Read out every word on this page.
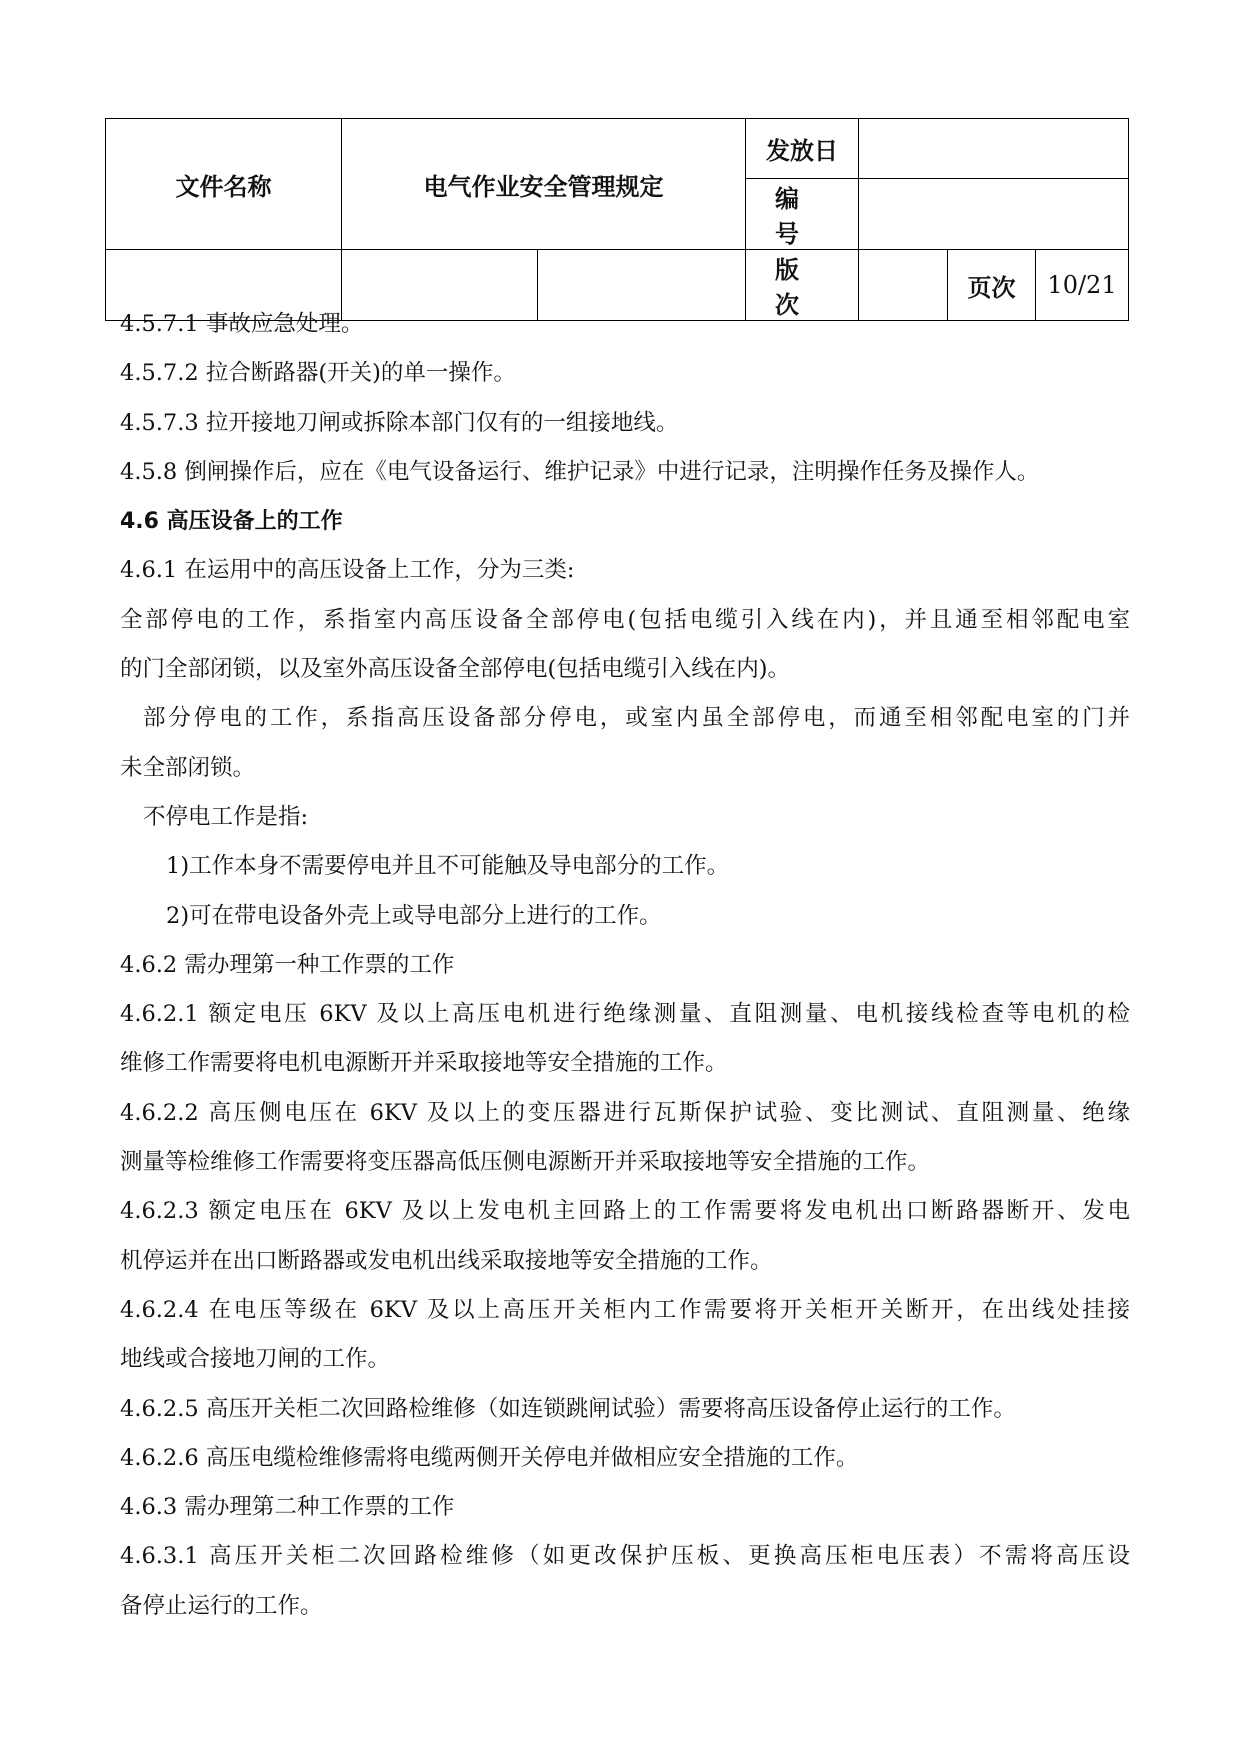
文件名称	电气作业安全管理规定		发放日			
			编 号			
			版 次		页次	10/21
4.5.7.1 事故应急处理。
4.5.7.2 拉合断路器(开关)的单一操作。
4.5.7.3 拉开接地刀闸或拆除本部门仅有的一组接地线。
4.5.8 倒闸操作后，应在《电气设备运行、维护记录》中进行记录，注明操作任务及操作人。
4.6 高压设备上的工作
4.6.1 在运用中的高压设备上工作，分为三类:
全部停电的工作，系指室内高压设备全部停电(包括电缆引入线在内)，并且通至相邻配电室
的门全部闭锁，以及室外高压设备全部停电(包括电缆引入线在内)。
部分停电的工作，系指高压设备部分停电，或室内虽全部停电，而通至相邻配电室的门并
未全部闭锁。
不停电工作是指:
1)工作本身不需要停电并且不可能触及导电部分的工作。
2)可在带电设备外壳上或导电部分上进行的工作。
4.6.2 需办理第一种工作票的工作
4.6.2.1 额定电压 6KV 及以上高压电机进行绝缘测量、直阻测量、电机接线检查等电机的检
维修工作需要将电机电源断开并采取接地等安全措施的工作。
4.6.2.2 高压侧电压在 6KV 及以上的变压器进行瓦斯保护试验、变比测试、直阻测量、绝缘
测量等检维修工作需要将变压器高低压侧电源断开并采取接地等安全措施的工作。
4.6.2.3 额定电压在 6KV 及以上发电机主回路上的工作需要将发电机出口断路器断开、发电
机停运并在出口断路器或发电机出线采取接地等安全措施的工作。
4.6.2.4 在电压等级在 6KV 及以上高压开关柜内工作需要将开关柜开关断开，在出线处挂接
地线或合接地刀闸的工作。
4.6.2.5 高压开关柜二次回路检维修（如连锁跳闸试验）需要将高压设备停止运行的工作。
4.6.2.6 高压电缆检维修需将电缆两侧开关停电并做相应安全措施的工作。
4.6.3 需办理第二种工作票的工作
4.6.3.1 高压开关柜二次回路检维修（如更改保护压板、更换高压柜电压表）不需将高压设
备停止运行的工作。
